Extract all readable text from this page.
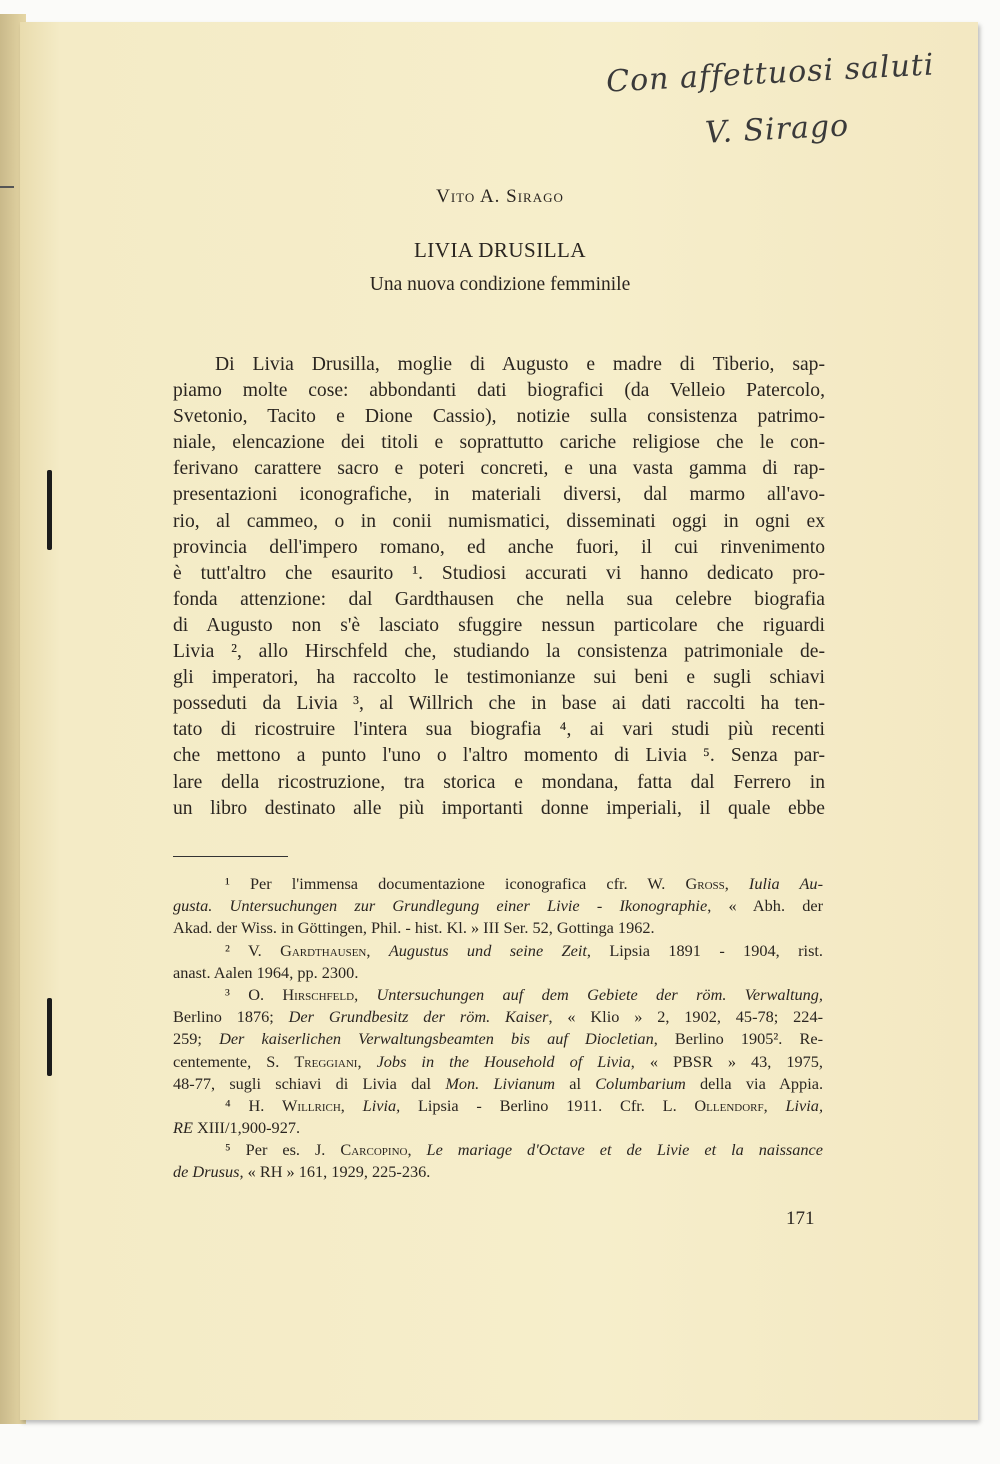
Con affettuosi saluti
V. Sirago
Vito A. Sirago
LIVIA DRUSILLA
Una nuova condizione femminile
Di Livia Drusilla, moglie di Augusto e madre di Tiberio, sap-
piamo molte cose: abbondanti dati biografici (da Velleio Patercolo,
Svetonio, Tacito e Dione Cassio), notizie sulla consistenza patrimo-
niale, elencazione dei titoli e soprattutto cariche religiose che le con-
ferivano carattere sacro e poteri concreti, e una vasta gamma di rap-
presentazioni iconografiche, in materiali diversi, dal marmo all'avo-
rio, al cammeo, o in conii numismatici, disseminati oggi in ogni ex
provincia dell'impero romano, ed anche fuori, il cui rinvenimento
è tutt'altro che esaurito ¹. Studiosi accurati vi hanno dedicato pro-
fonda attenzione: dal Gardthausen che nella sua celebre biografia
di Augusto non s'è lasciato sfuggire nessun particolare che riguardi
Livia ², allo Hirschfeld che, studiando la consistenza patrimoniale de-
gli imperatori, ha raccolto le testimonianze sui beni e sugli schiavi
posseduti da Livia ³, al Willrich che in base ai dati raccolti ha ten-
tato di ricostruire l'intera sua biografia ⁴, ai vari studi più recenti
che mettono a punto l'uno o l'altro momento di Livia ⁵. Senza par-
lare della ricostruzione, tra storica e mondana, fatta dal Ferrero in
un libro destinato alle più importanti donne imperiali, il quale ebbe
¹ Per l'immensa documentazione iconografica cfr. W. Gross, Iulia Au-
gusta. Untersuchungen zur Grundlegung einer Livie - Ikonographie, « Abh. der
Akad. der Wiss. in Göttingen, Phil. - hist. Kl. » III Ser. 52, Gottinga 1962.
² V. Gardthausen, Augustus und seine Zeit, Lipsia 1891 - 1904, rist.
anast. Aalen 1964, pp. 2300.
³ O. Hirschfeld, Untersuchungen auf dem Gebiete der röm. Verwaltung,
Berlino 1876; Der Grundbesitz der röm. Kaiser, « Klio » 2, 1902, 45-78; 224-
259; Der kaiserlichen Verwaltungsbeamten bis auf Diocletian, Berlino 1905². Re-
centemente, S. Treggiani, Jobs in the Household of Livia, « PBSR » 43, 1975,
48-77, sugli schiavi di Livia dal Mon. Livianum al Columbarium della via Appia.
⁴ H. Willrich, Livia, Lipsia - Berlino 1911. Cfr. L. Ollendorf, Livia,
RE XIII/1,900-927.
⁵ Per es. J. Carcopino, Le mariage d'Octave et de Livie et la naissance
de Drusus, « RH » 161, 1929, 225-236.
171
